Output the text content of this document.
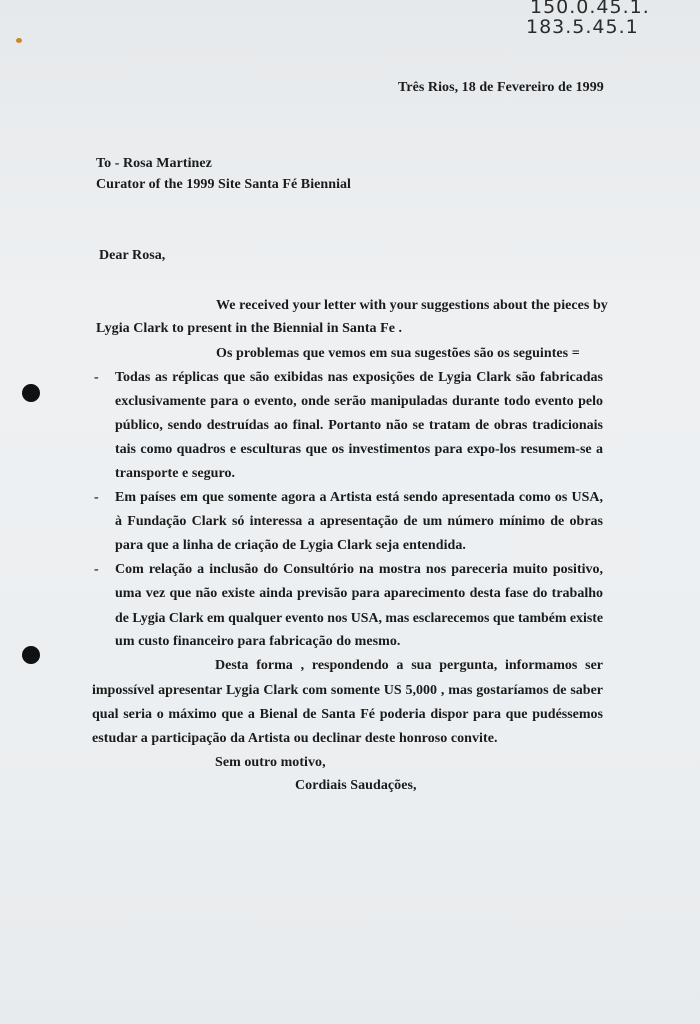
150.0.45.1.
183.5.45.1
Três Rios, 18 de Fevereiro de 1999
To - Rosa Martinez
Curator of the 1999 Site Santa Fé Biennial
Dear Rosa,
We received your letter with your suggestions about the pieces by
Lygia Clark to present in the Biennial in Santa Fe .
Os problemas que vemos em sua sugestões são os seguintes =
- Todas as réplicas que são exibidas nas exposições de Lygia Clark são fabricadas
exclusivamente para o evento, onde serão manipuladas durante todo evento pelo
público, sendo destruídas ao final. Portanto não se tratam de obras tradicionais
tais como quadros e esculturas que os investimentos para expo-los resumem-se a
transporte e seguro.
- Em países em que somente agora a Artista está sendo apresentada como os USA,
à Fundação Clark só interessa a apresentação de um número mínimo de obras
para que a linha de criação de Lygia Clark seja entendida.
- Com relação a inclusão do Consultório na mostra nos pareceria muito positivo,
uma vez que não existe ainda previsão para aparecimento desta fase do trabalho
de Lygia Clark em qualquer evento nos USA, mas esclarecemos que também existe
um custo financeiro para fabricação do mesmo.
Desta forma , respondendo a sua pergunta, informamos ser
impossível apresentar Lygia Clark com somente US 5,000 , mas gostaríamos de saber
qual seria o máximo que a Bienal de Santa Fé poderia dispor para que pudéssemos
estudar a participação da Artista ou declinar deste honroso convite.
Sem outro motivo,
Cordiais Saudações,
